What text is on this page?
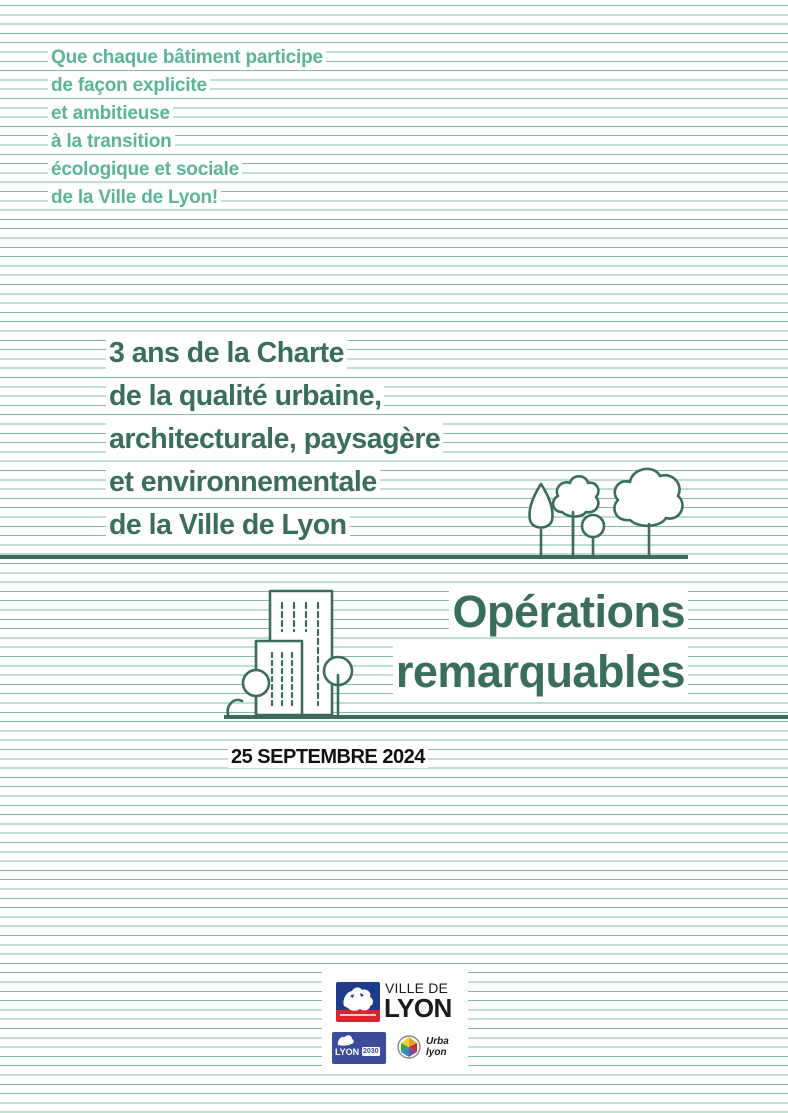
Que chaque bâtiment participe
de façon explicite
et ambitieuse
à la transition
écologique et sociale
de la Ville de Lyon!
3 ans de la Charte
de la qualité urbaine,
architecturale, paysagère
et environnementale
de la Ville de Lyon
Opérations
remarquables
25 SEPTEMBRE 2024
VILLE DE
LYON
LYON 2030
Urba
lyon
